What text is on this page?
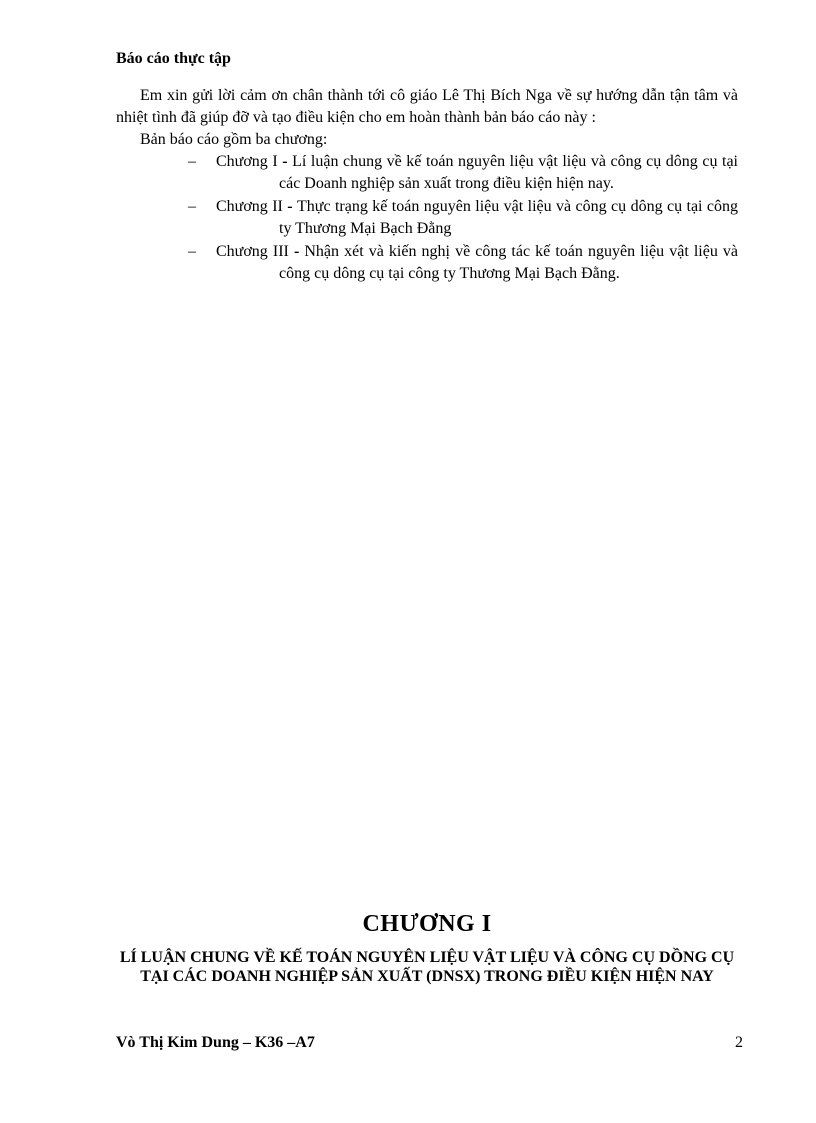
Báo cáo thực tập

Em xin gửi lời cảm ơn chân thành tới cô giáo Lê Thị Bích Nga về sự hướng dẫn tận tâm và nhiệt tình đã giúp đỡ và tạo điều kiện cho em hoàn thành bản báo cáo này :

Bản báo cáo gồm ba chương:

– Chương I - Lí luận chung về kế toán nguyên liệu vật liệu và công cụ dông cụ tại các Doanh nghiệp sản xuất trong điều kiện hiện nay.
– Chương II - Thực trạng kế toán nguyên liệu vật liệu và công cụ dông cụ tại công ty Thương Mại Bạch Đằng
– Chương III - Nhận xét và kiến nghị về công tác kế toán nguyên liệu vật liệu và công cụ dông cụ tại công ty Thương Mại Bạch Đằng.
CHƯƠNG I
LÍ LUẬN CHUNG VỀ KẾ TOÁN NGUYÊN LIỆU VẬT LIỆU VÀ CÔNG CỤ DỒNG CỤ TẠI CÁC DOANH NGHIỆP SẢN XUẤT (DNSX) TRONG ĐIỀU KIỆN HIỆN NAY
Vò Thị Kim Dung – K36 –A7	2
